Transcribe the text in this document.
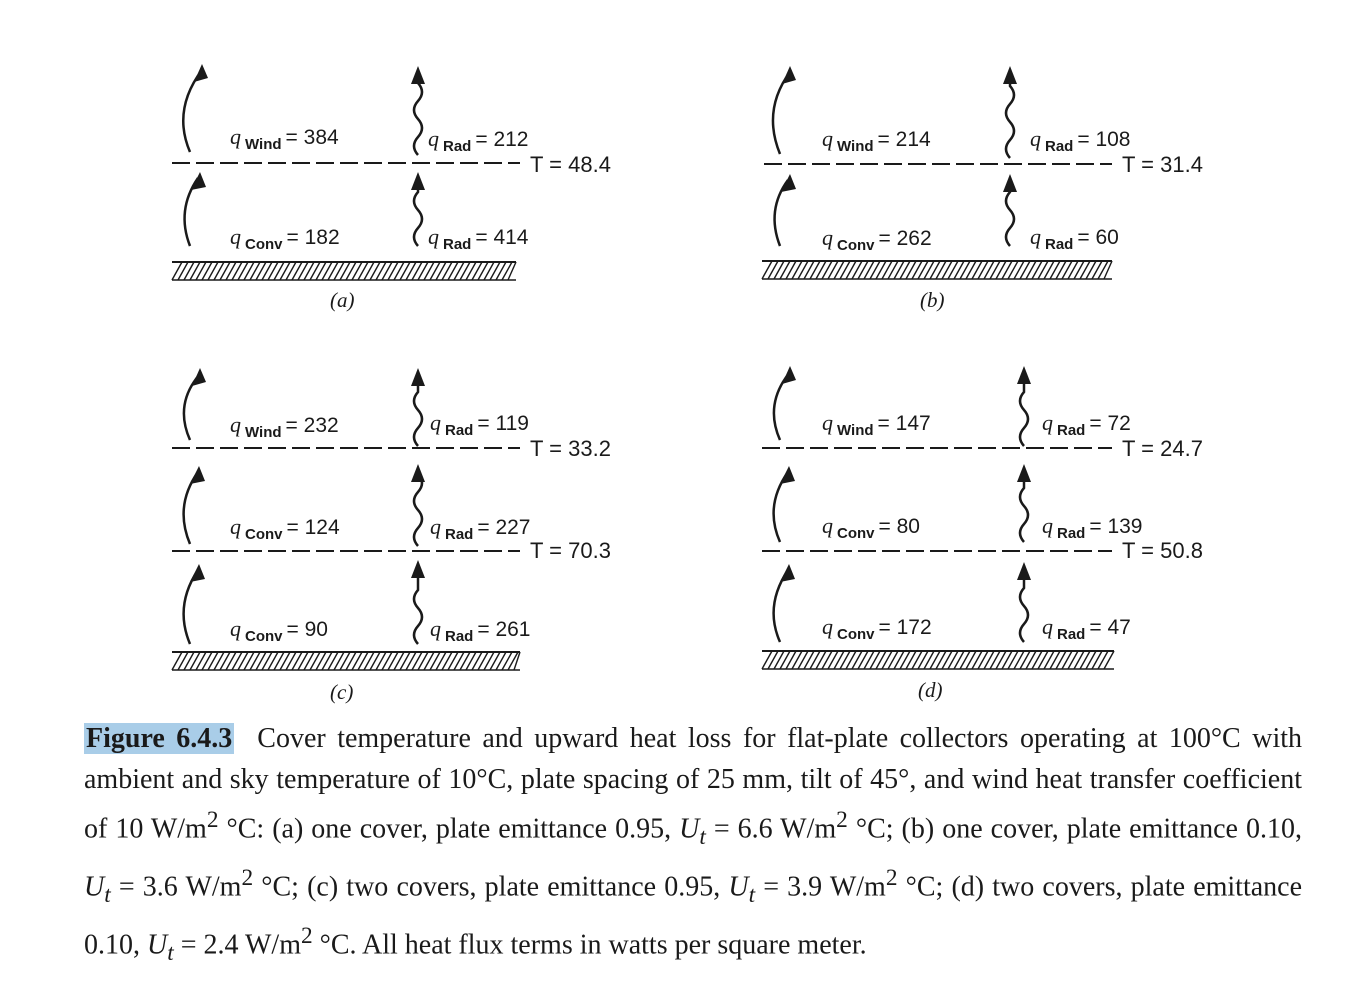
q $_{Wind}$ = 384	q $_{Rad}$ = 212
T = 48.4
q $_{Conv}$ = 182	q $_{Rad}$ = 414
(a)
q $_{Wind}$ = 214	q $_{Rad}$ = 108
T = 31.4
q $_{Conv}$ = 262	q $_{Rad}$ = 60
(b)
q $_{Wind}$ = 232	q $_{Rad}$ = 119
T = 33.2
q $_{Conv}$ = 124	q $_{Rad}$ = 227
T = 70.3
q $_{Conv}$ = 90	q $_{Rad}$ = 261
(c)
q $_{Wind}$ = 147	q $_{Rad}$ = 72
T = 24.7
q $_{Conv}$ = 80	q $_{Rad}$ = 139
T = 50.8
q $_{Conv}$ = 172	q $_{Rad}$ = 47
(d)
Figure 6.4.3 Cover temperature and upward heat loss for flat-plate collectors operating at 100°C with ambient and sky temperature of 10°C, plate spacing of 25 mm, tilt of 45°, and wind heat transfer coefficient of 10 $W/m^2$ °C: (a) one cover, plate emittance 0.95, $U_t = 6.6$ $W/m^2$ °C; (b) one cover, plate emittance 0.10, $U_t = 3.6$ $W/m^2$ °C; (c) two covers, plate emittance 0.95, $U_t = 3.9$ $W/m^2$ °C; (d) two covers, plate emittance 0.10, $U_t = 2.4$ $W/m^2$ °C. All heat flux terms in watts per square meter.
